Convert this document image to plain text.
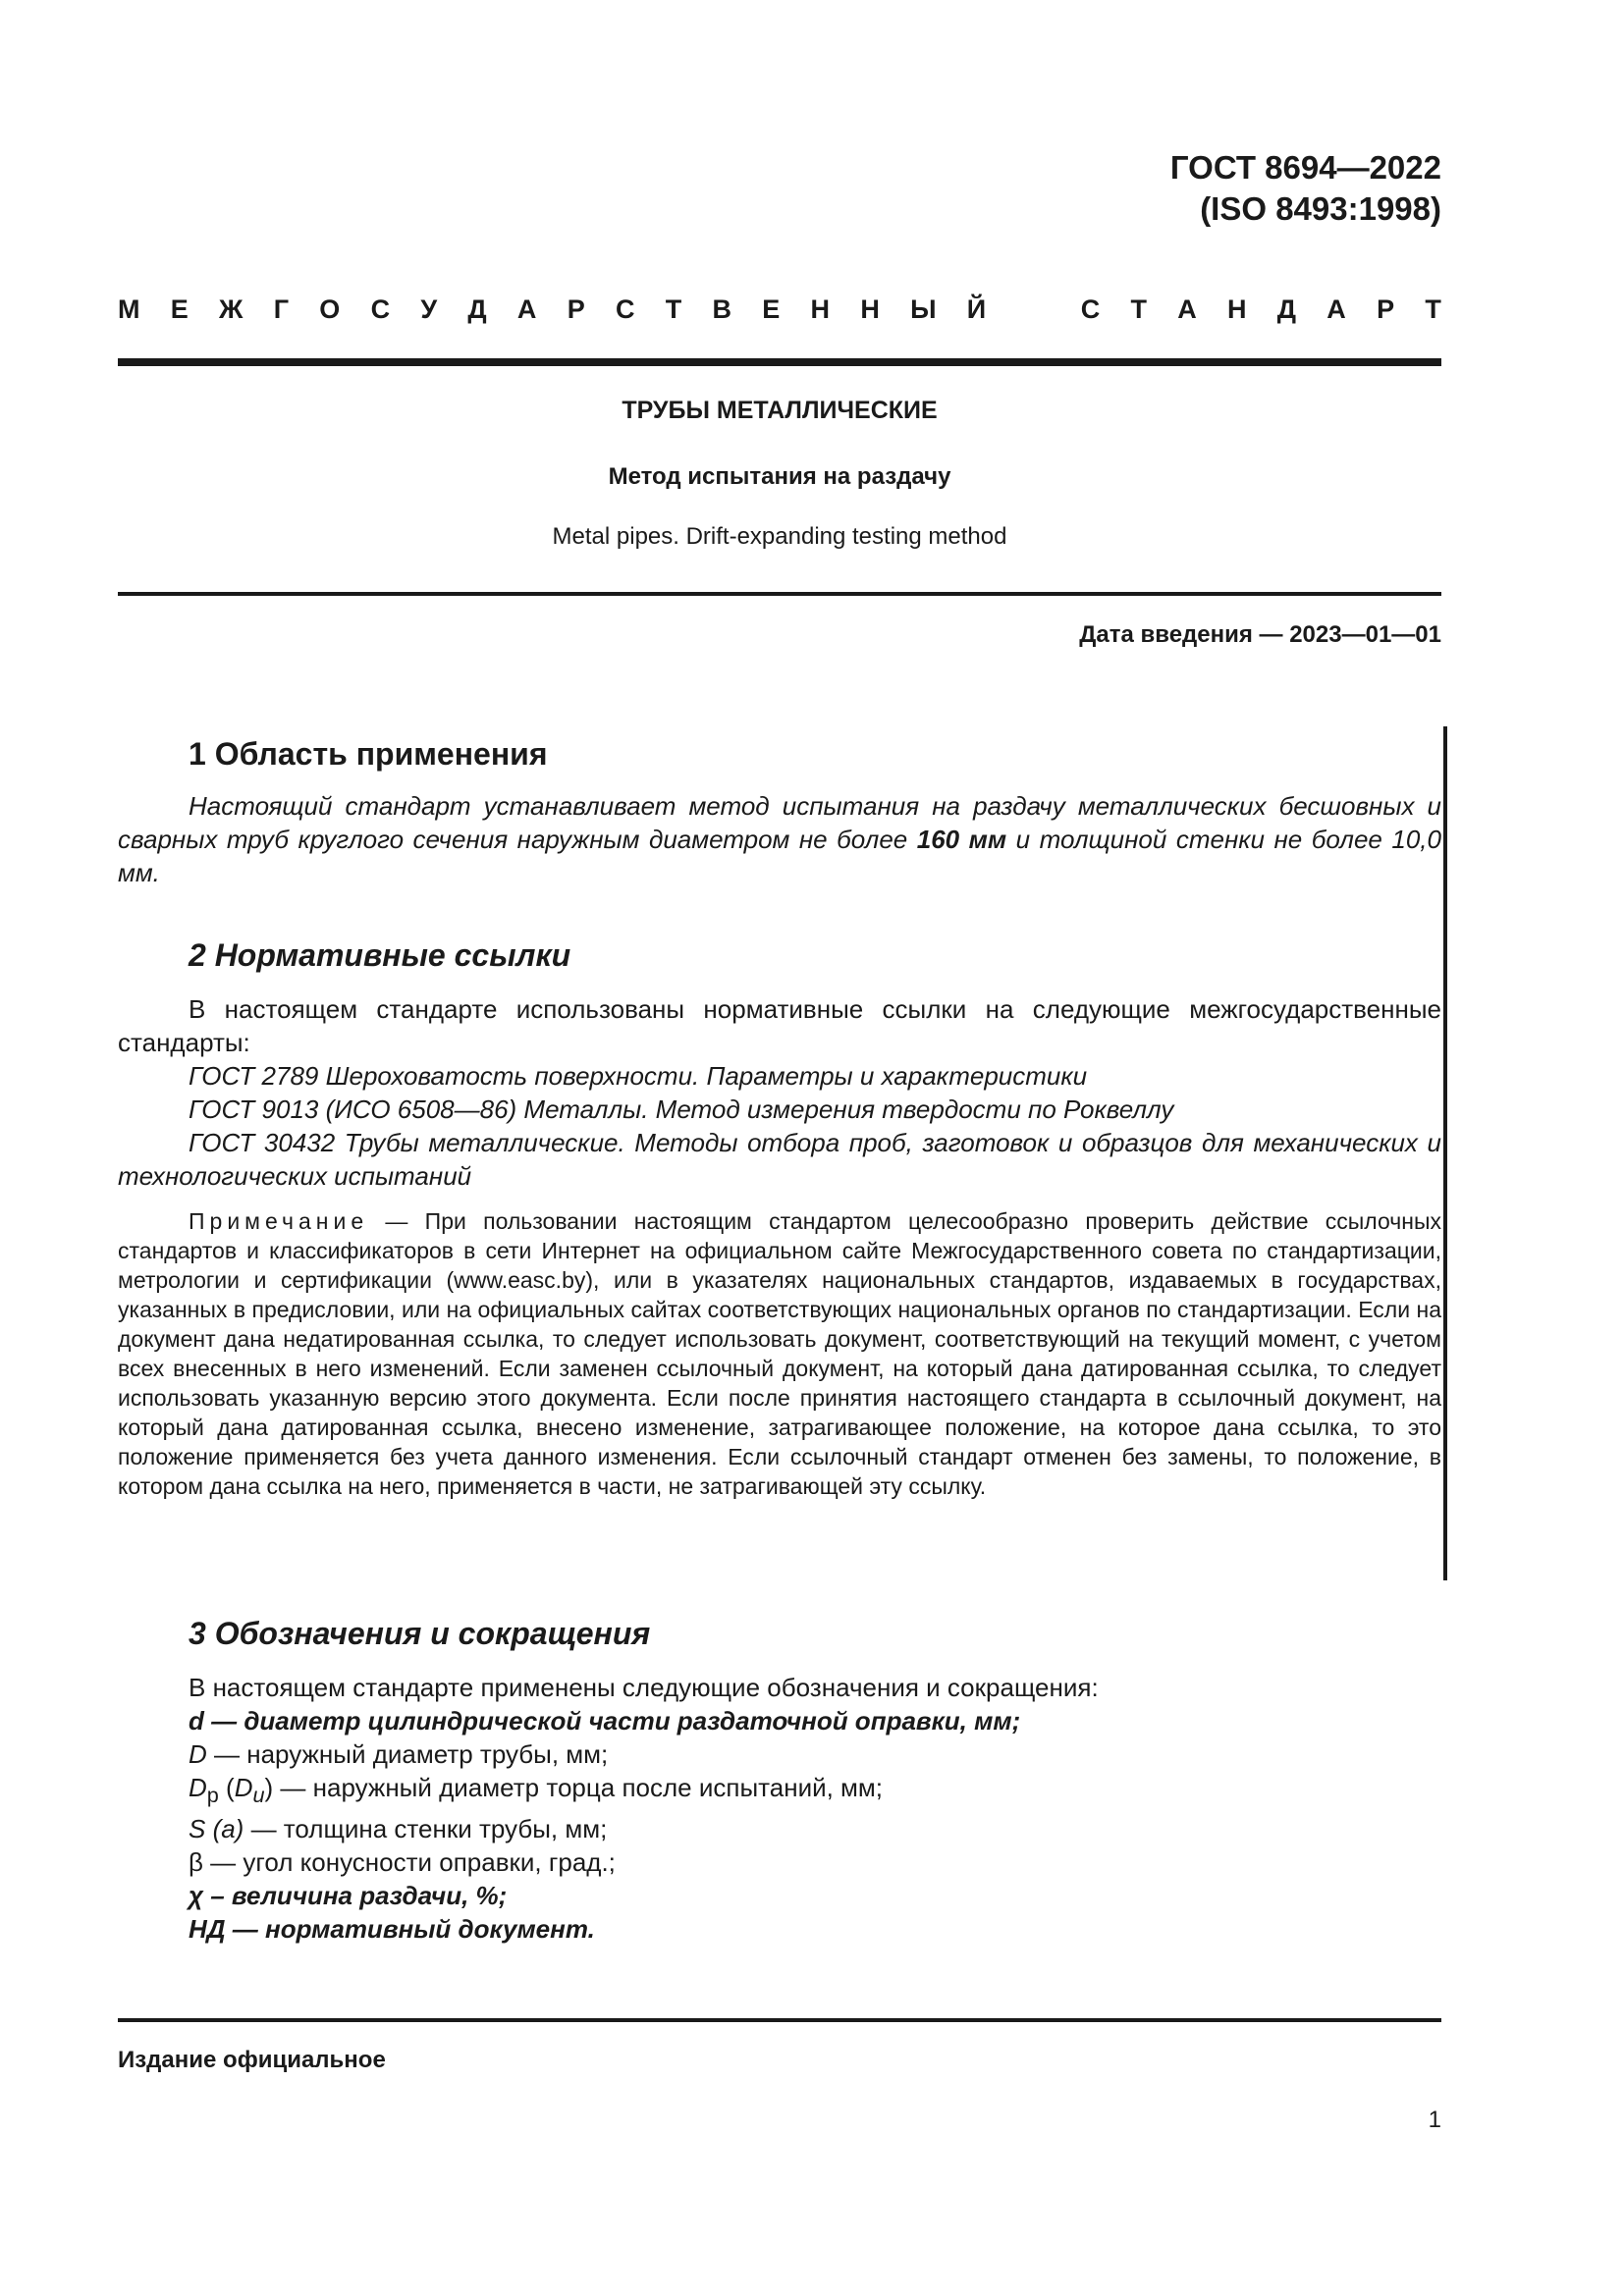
ГОСТ 8694—2022
(ISO 8493:1998)
М Е Ж Г О С У Д А Р С Т В Е Н Н Ы Й	С Т А Н Д А Р Т
ТРУБЫ МЕТАЛЛИЧЕСКИЕ
Метод испытания на раздачу
Metal pipes. Drift-expanding testing method
Дата введения — 2023—01—01
1 Область применения

Настоящий стандарт устанавливает метод испытания на раздачу металлических бесшовных и сварных труб круглого сечения наружным диаметром не более 160 мм и толщиной стенки не более 10,0 мм.

2 Нормативные ссылки

В настоящем стандарте использованы нормативные ссылки на следующие межгосударственные стандарты:

ГОСТ 2789 Шероховатость поверхности. Параметры и характеристики
ГОСТ 9013 (ИСО 6508—86) Металлы. Метод измерения твердости по Роквеллу

ГОСТ 30432 Трубы металлические. Методы отбора проб, заготовок и образцов для механических и технологических испытаний

Примечание — При пользовании настоящим стандартом целесообразно проверить действие ссылочных стандартов и классификаторов в сети Интернет на официальном сайте Межгосударственного совета по стандартизации, метрологии и сертификации (www.easc.by), или в указателях национальных стандартов, издаваемых в государствах, указанных в предисловии, или на официальных сайтах соответствующих национальных органов по стандартизации. Если на документ дана недатированная ссылка, то следует использовать документ, соответствующий на текущий момент, с учетом всех внесенных в него изменений. Если заменен ссылочный документ, на который дана датированная ссылка, то следует использовать указанную версию этого документа. Если после принятия настоящего стандарта в ссылочный документ, на который дана датированная ссылка, внесено изменение, затрагивающее положение, на которое дана ссылка, то это положение применяется без учета данного изменения. Если ссылочный стандарт отменен без замены, то положение, в котором дана ссылка на него, применяется в части, не затрагивающей эту ссылку.

3 Обозначения и сокращения
В настоящем стандарте применены следующие обозначения и сокращения:
d — диаметр цилиндрической части раздаточной оправки, мм;
D — наружный диаметр трубы, мм;
$D_p$ $(D_u)$ — наружный диаметр торца после испытаний, мм;
S (a) — толщина стенки трубы, мм;
β — угол конусности оправки, град.;
χ – величина раздачи, %;
НД — нормативный документ.
Издание официальное
1
